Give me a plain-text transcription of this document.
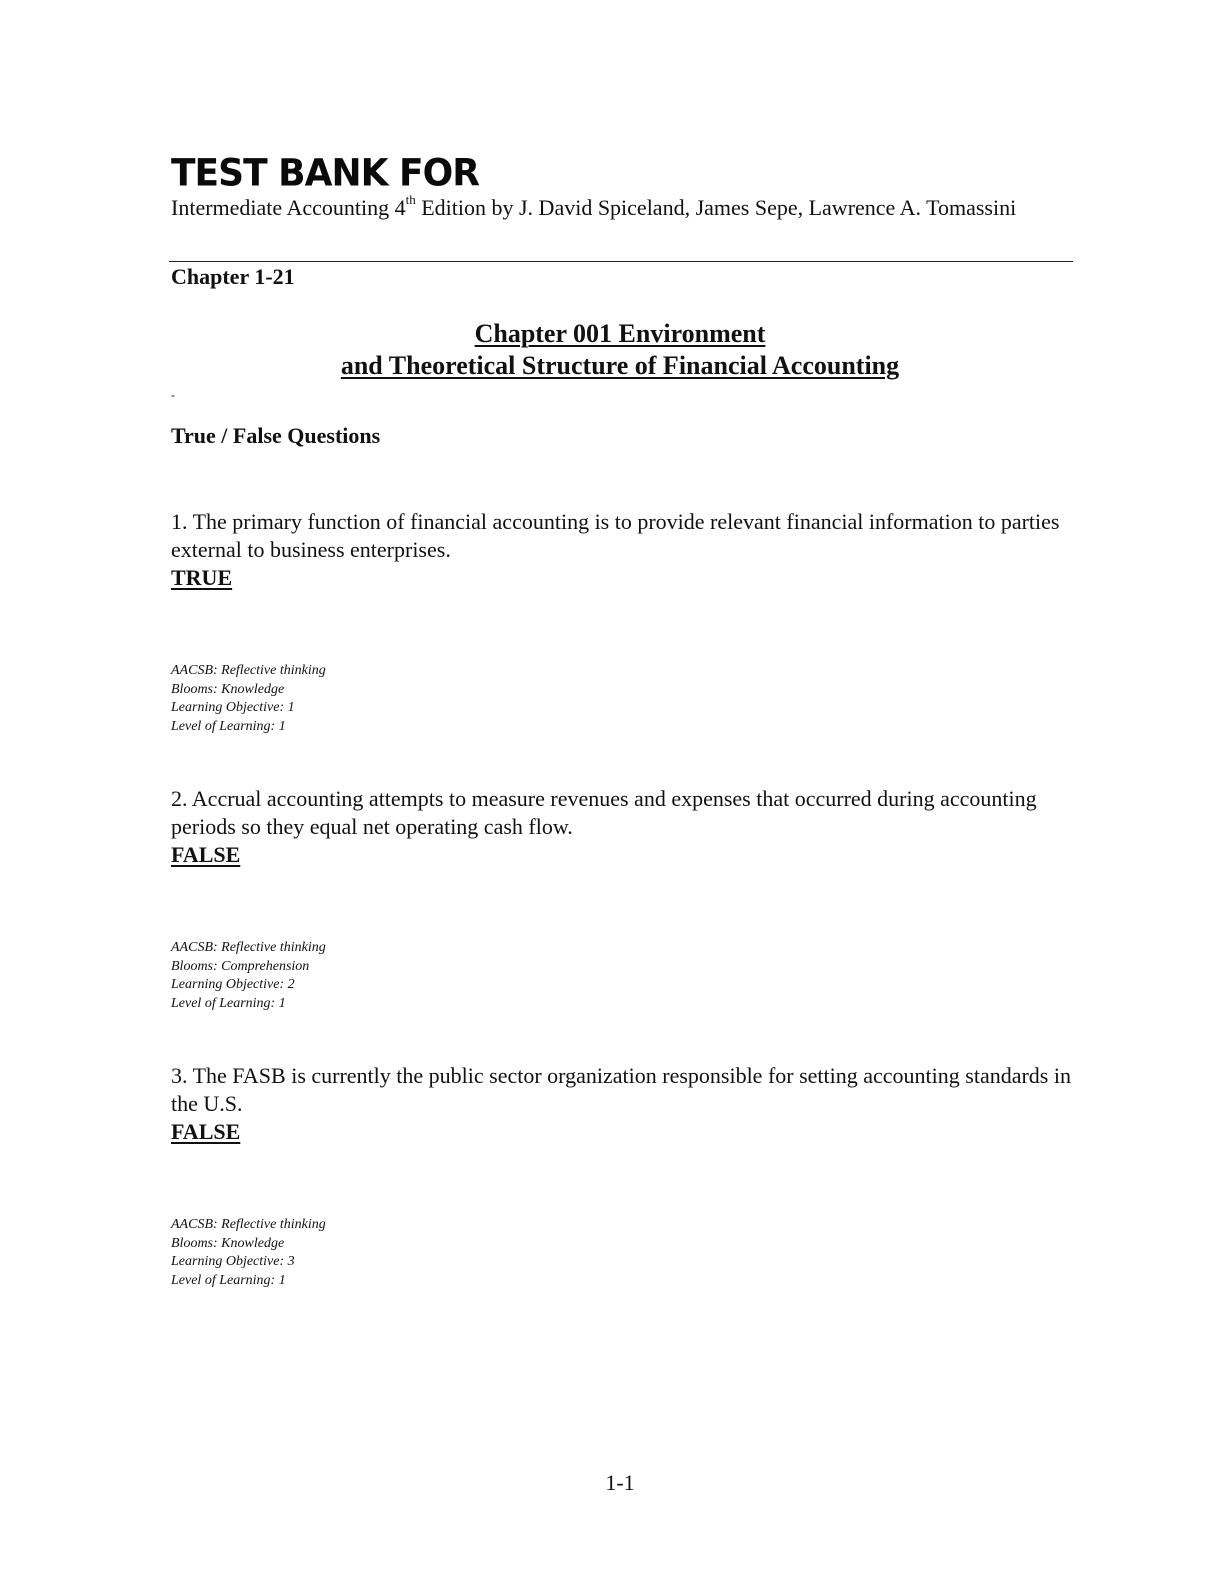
TEST BANK FOR
Intermediate Accounting 4th Edition by J. David Spiceland, James Sepe, Lawrence A. Tomassini
Chapter 1-21
Chapter 001 Environment
and Theoretical Structure of Financial Accounting
-
True / False Questions
1. The primary function of financial accounting is to provide relevant financial information to parties external to business enterprises.
TRUE
AACSB: Reflective thinking
Blooms: Knowledge
Learning Objective: 1
Level of Learning: 1
2. Accrual accounting attempts to measure revenues and expenses that occurred during accounting periods so they equal net operating cash flow.
FALSE
AACSB: Reflective thinking
Blooms: Comprehension
Learning Objective: 2
Level of Learning: 1
3. The FASB is currently the public sector organization responsible for setting accounting standards in the U.S.
FALSE
AACSB: Reflective thinking
Blooms: Knowledge
Learning Objective: 3
Level of Learning: 1
1-1
